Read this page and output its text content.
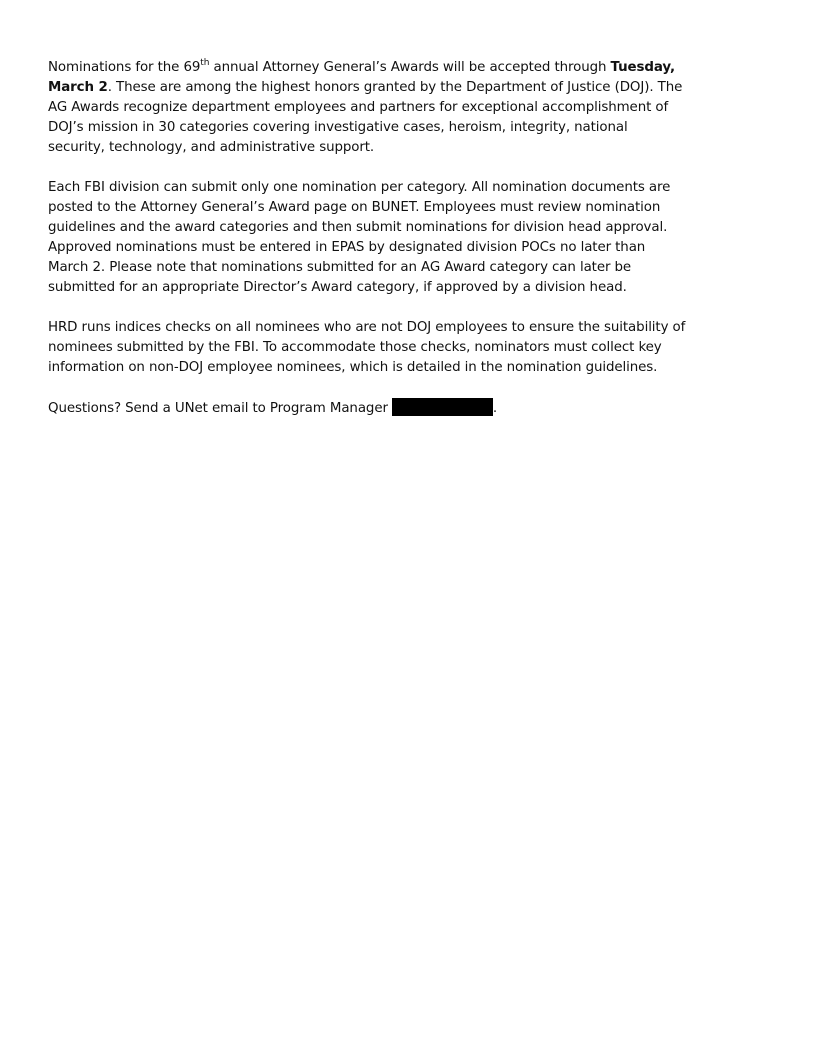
Nominations for the 69th annual Attorney General’s Awards will be accepted through Tuesday, March 2. These are among the highest honors granted by the Department of Justice (DOJ). The AG Awards recognize department employees and partners for exceptional accomplishment of DOJ’s mission in 30 categories covering investigative cases, heroism, integrity, national security, technology, and administrative support.

Each FBI division can submit only one nomination per category. All nomination documents are posted to the Attorney General’s Award page on BUNET. Employees must review nomination guidelines and the award categories and then submit nominations for division head approval. Approved nominations must be entered in EPAS by designated division POCs no later than March 2. Please note that nominations submitted for an AG Award category can later be submitted for an appropriate Director’s Award category, if approved by a division head.

HRD runs indices checks on all nominees who are not DOJ employees to ensure the suitability of nominees submitted by the FBI. To accommodate those checks, nominators must collect key information on non-DOJ employee nominees, which is detailed in the nomination guidelines.

Questions? Send a UNet email to Program Manager	.
